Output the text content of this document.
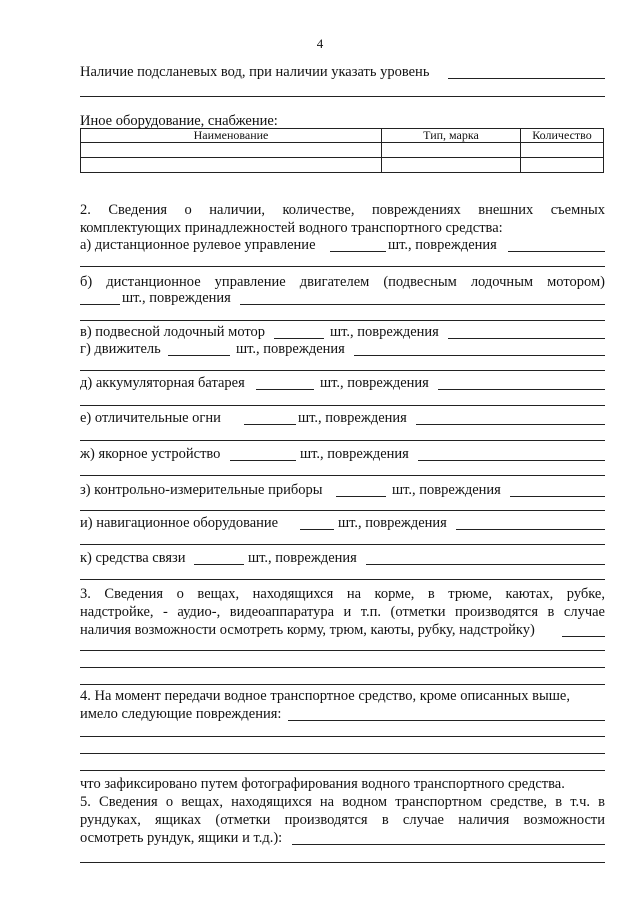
4
Наличие подсланевых вод, при наличии указать уровень
Иное оборудование, снабжение:
Наименование	Тип, марка	Количество

2. Сведения о наличии, количестве, повреждениях внешних съемных
комплектующих принадлежностей водного транспортного средства:
а) дистанционное рулевое управление	шт., повреждения
б) дистанционное управление двигателем (подвесным лодочным мотором)
шт., повреждения
в) подвесной лодочный мотор	шт., повреждения
г) движитель	шт., повреждения
д) аккумуляторная батарея	шт., повреждения
е) отличительные огни	шт., повреждения
ж) якорное устройство	шт., повреждения
з) контрольно-измерительные приборы	шт., повреждения
и) навигационное оборудование	шт., повреждения
к) средства связи	шт., повреждения
3. Сведения о вещах, находящихся на корме, в трюме, каютах, рубке,
надстройке, - аудио-, видеоаппаратура и т.п. (отметки производятся в случае
наличия возможности осмотреть корму, трюм, каюты, рубку, надстройку)
4. На момент передачи водное транспортное средство, кроме описанных выше,
имело следующие повреждения:
что зафиксировано путем фотографирования водного транспортного средства.
5. Сведения о вещах, находящихся на водном транспортном средстве, в т.ч. в
рундуках, ящиках (отметки производятся в случае наличия возможности
осмотреть рундук, ящики и т.д.):
